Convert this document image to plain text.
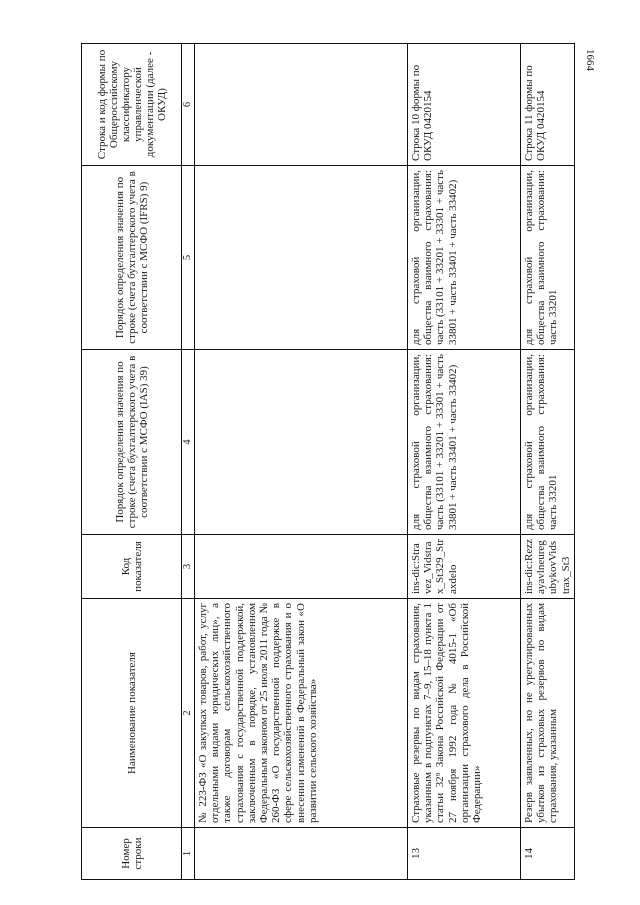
1664
Номер строки	Наименование показателя	Код показателя	Порядок определения значения по строке (счета бухгалтерского учета в соответствии с МСФО (IAS) 39)	Порядок определения значения по строке (счета бухгалтерского учета в соответствии с МСФО (IFRS) 9)	Строка и код формы по Общероссийскому классификатору управленческой документации (далее - ОКУД)
1	2	3	4	5	6
	№ 223-ФЗ «О закупках товаров, работ, услуг отдельными видами юридических лиц», а также договорам сельскохозяйственного страхования с государственной поддержкой, заключенным в порядке, установленном Федеральным законом от 25 июля 2011 года № 260-ФЗ «О государственной поддержке в сфере сельскохозяйственного страхования и о внесении изменений в Федеральный закон «О развитии сельского хозяйства»				
13	Страховые резервы по видам страхования, указанным в подпунктах 7–9, 15–18 пункта 1 статьи 32⁹ Закона Российской Федерации от 27 ноября 1992 года № 4015-1 «Об организации страхового дела в Российской Федерации»	ins-dic:Stravez_Vidstrax_St329_Straxdelo	для страховой организации, общества взаимного страхования: часть (33101 + 33201 + 33301 + часть 33801 + часть 33401 + часть 33402)	для страховой организации, общества взаимного страхования: часть (33101 + 33201 + 33301 + часть 33801 + часть 33401 + часть 33402)	Строка 10 формы по ОКУД 0420154
14	Резерв заявленных, но не урегулированных убытков из страховых резервов по видам страхования, указанным	ins-dic:RezzayavlneuregubykovVidstrax_St3	для страховой организации, общества взаимного страхования: часть 33201	для страховой организации, общества взаимного страхования: часть 33201	Строка 11 формы по ОКУД 0420154
